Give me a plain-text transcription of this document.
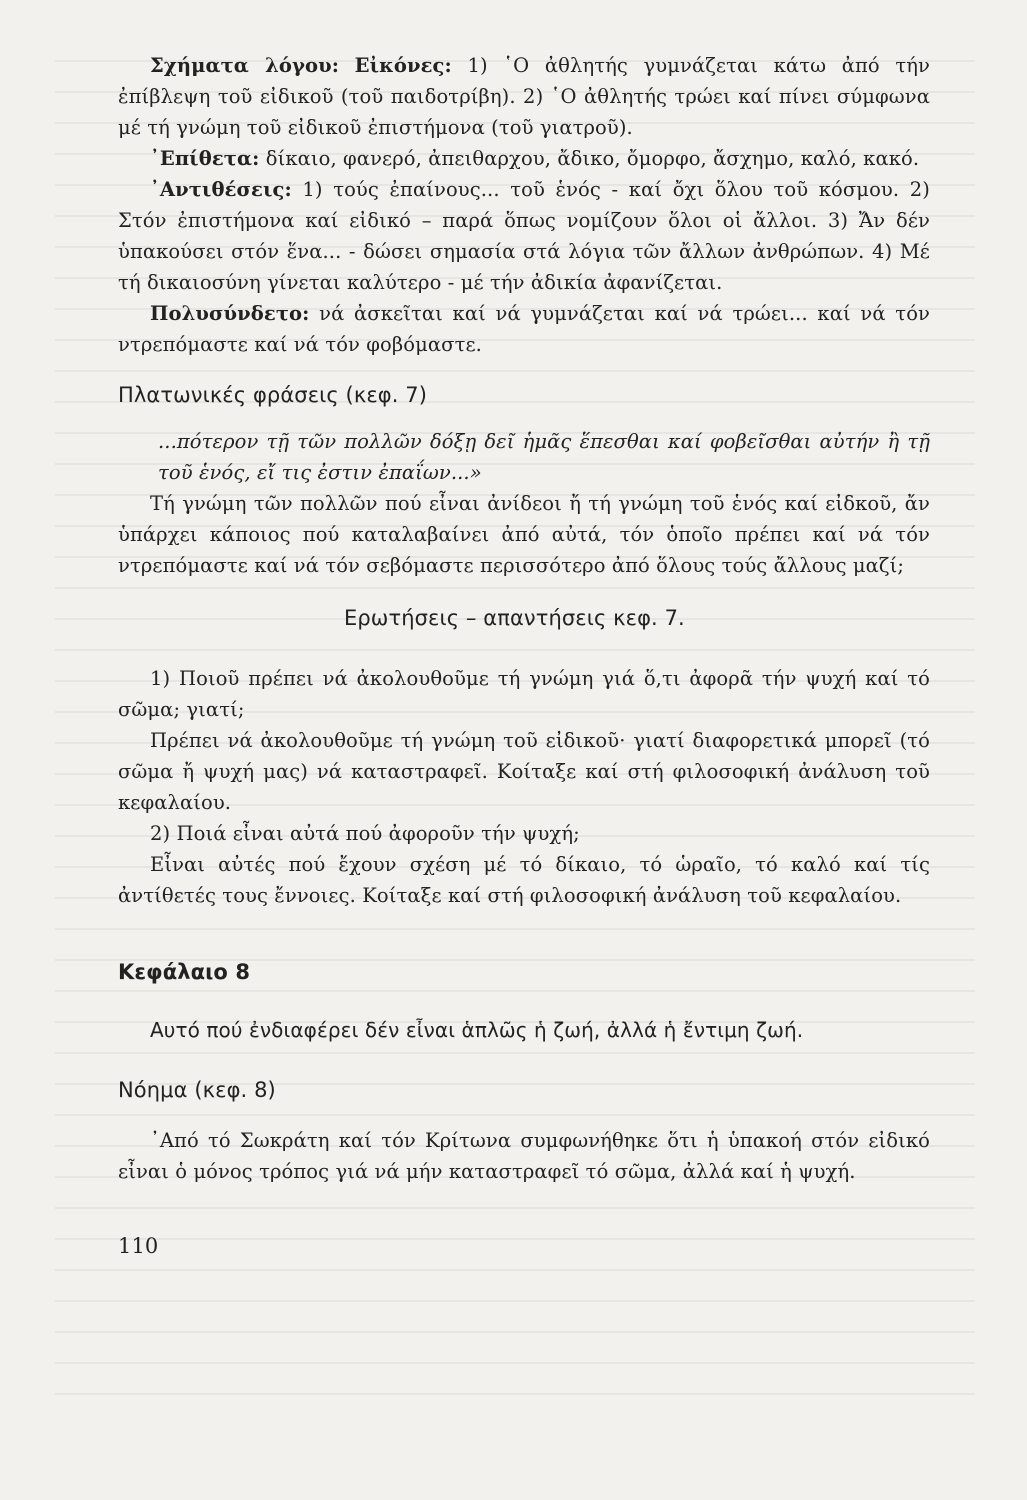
Σχήματα λόγου: Εἰκόνες: 1) ῾Ο ἀθλητής γυμνάζεται κάτω ἀπό τήν ἐπίβλεψη τοῦ εἰδικοῦ (τοῦ παιδοτρίβη). 2) ῾Ο ἀθλητής τρώει καί πίνει σύμφωνα μέ τή γνώμη τοῦ εἰδικοῦ ἐπιστήμονα (τοῦ γιατροῦ).

᾽Επίθετα: δίκαιο, φανερό, ἀπειθαρχου, ἄδικο, ὄμορφο, ἄσχημο, καλό, κακό.

᾽Αντιθέσεις: 1) τούς ἐπαίνους... τοῦ ἑνός - καί ὄχι ὅλου τοῦ κόσμου. 2) Στόν ἐπιστήμονα καί εἰδικό – παρά ὅπως νομίζουν ὅλοι οἱ ἄλλοι. 3) Ἄν δέν ὑπακούσει στόν ἕνα... - δώσει σημασία στά λόγια τῶν ἄλλων ἀνθρώπων. 4) Μέ τή δικαιοσύνη γίνεται καλύτερο - μέ τήν ἀδικία ἀφανίζεται.

Πολυσύνδετο: νά ἀσκεῖται καί νά γυμνάζεται καί νά τρώει... καί νά τόν ντρεπόμαστε καί νά τόν φοβόμαστε.

Πλατωνικές φράσεις (κεφ. 7)

...πότερον τῇ τῶν πολλῶν δόξῃ δεῖ ἡμᾶς ἕπεσθαι καί φοβεῖσθαι αὐτήν ἢ τῇ τοῦ ἑνός, εἴ τις ἐστιν ἐπαΐων...»

Τή γνώμη τῶν πολλῶν πού εἶναι ἀνίδεοι ἤ τή γνώμη τοῦ ἑνός καί εἰδκοῦ, ἄν ὑπάρχει κάποιος πού καταλαβαίνει ἀπό αὐτά, τόν ὁποῖο πρέπει καί νά τόν ντρεπόμαστε καί νά τόν σεβόμαστε περισσότερο ἀπό ὅλους τούς ἄλλους μαζί;

Ερωτήσεις – απαντήσεις κεφ. 7.

1) Ποιοῦ πρέπει νά ἀκολουθοῦμε τή γνώμη γιά ὅ,τι ἀφορᾶ τήν ψυχή καί τό σῶμα; γιατί;

Πρέπει νά ἀκολουθοῦμε τή γνώμη τοῦ εἰδικοῦ· γιατί διαφορετικά μπορεῖ (τό σῶμα ἤ ψυχή μας) νά καταστραφεῖ. Κοίταξε καί στή φιλοσοφική ἀνάλυση τοῦ κεφαλαίου.

2) Ποιά εἶναι αὐτά πού ἀφοροῦν τήν ψυχή;

Εἶναι αὐτές πού ἔχουν σχέση μέ τό δίκαιο, τό ὡραῖο, τό καλό καί τίς ἀντίθετές τους ἔννοιες. Κοίταξε καί στή φιλοσοφική ἀνάλυση τοῦ κεφαλαίου.

Κεφάλαιο 8

Αυτό πού ἐνδιαφέρει δέν εἶναι ἁπλῶς ἡ ζωή, ἀλλά ἡ ἔντιμη ζωή.

Νόημα (κεφ. 8)

᾽Από τό Σωκράτη καί τόν Κρίτωνα συμφωνήθηκε ὅτι ἡ ὑπακοή στόν εἰδικό εἶναι ὁ μόνος τρόπος γιά νά μήν καταστραφεῖ τό σῶμα, ἀλλά καί ἡ ψυχή.

110
